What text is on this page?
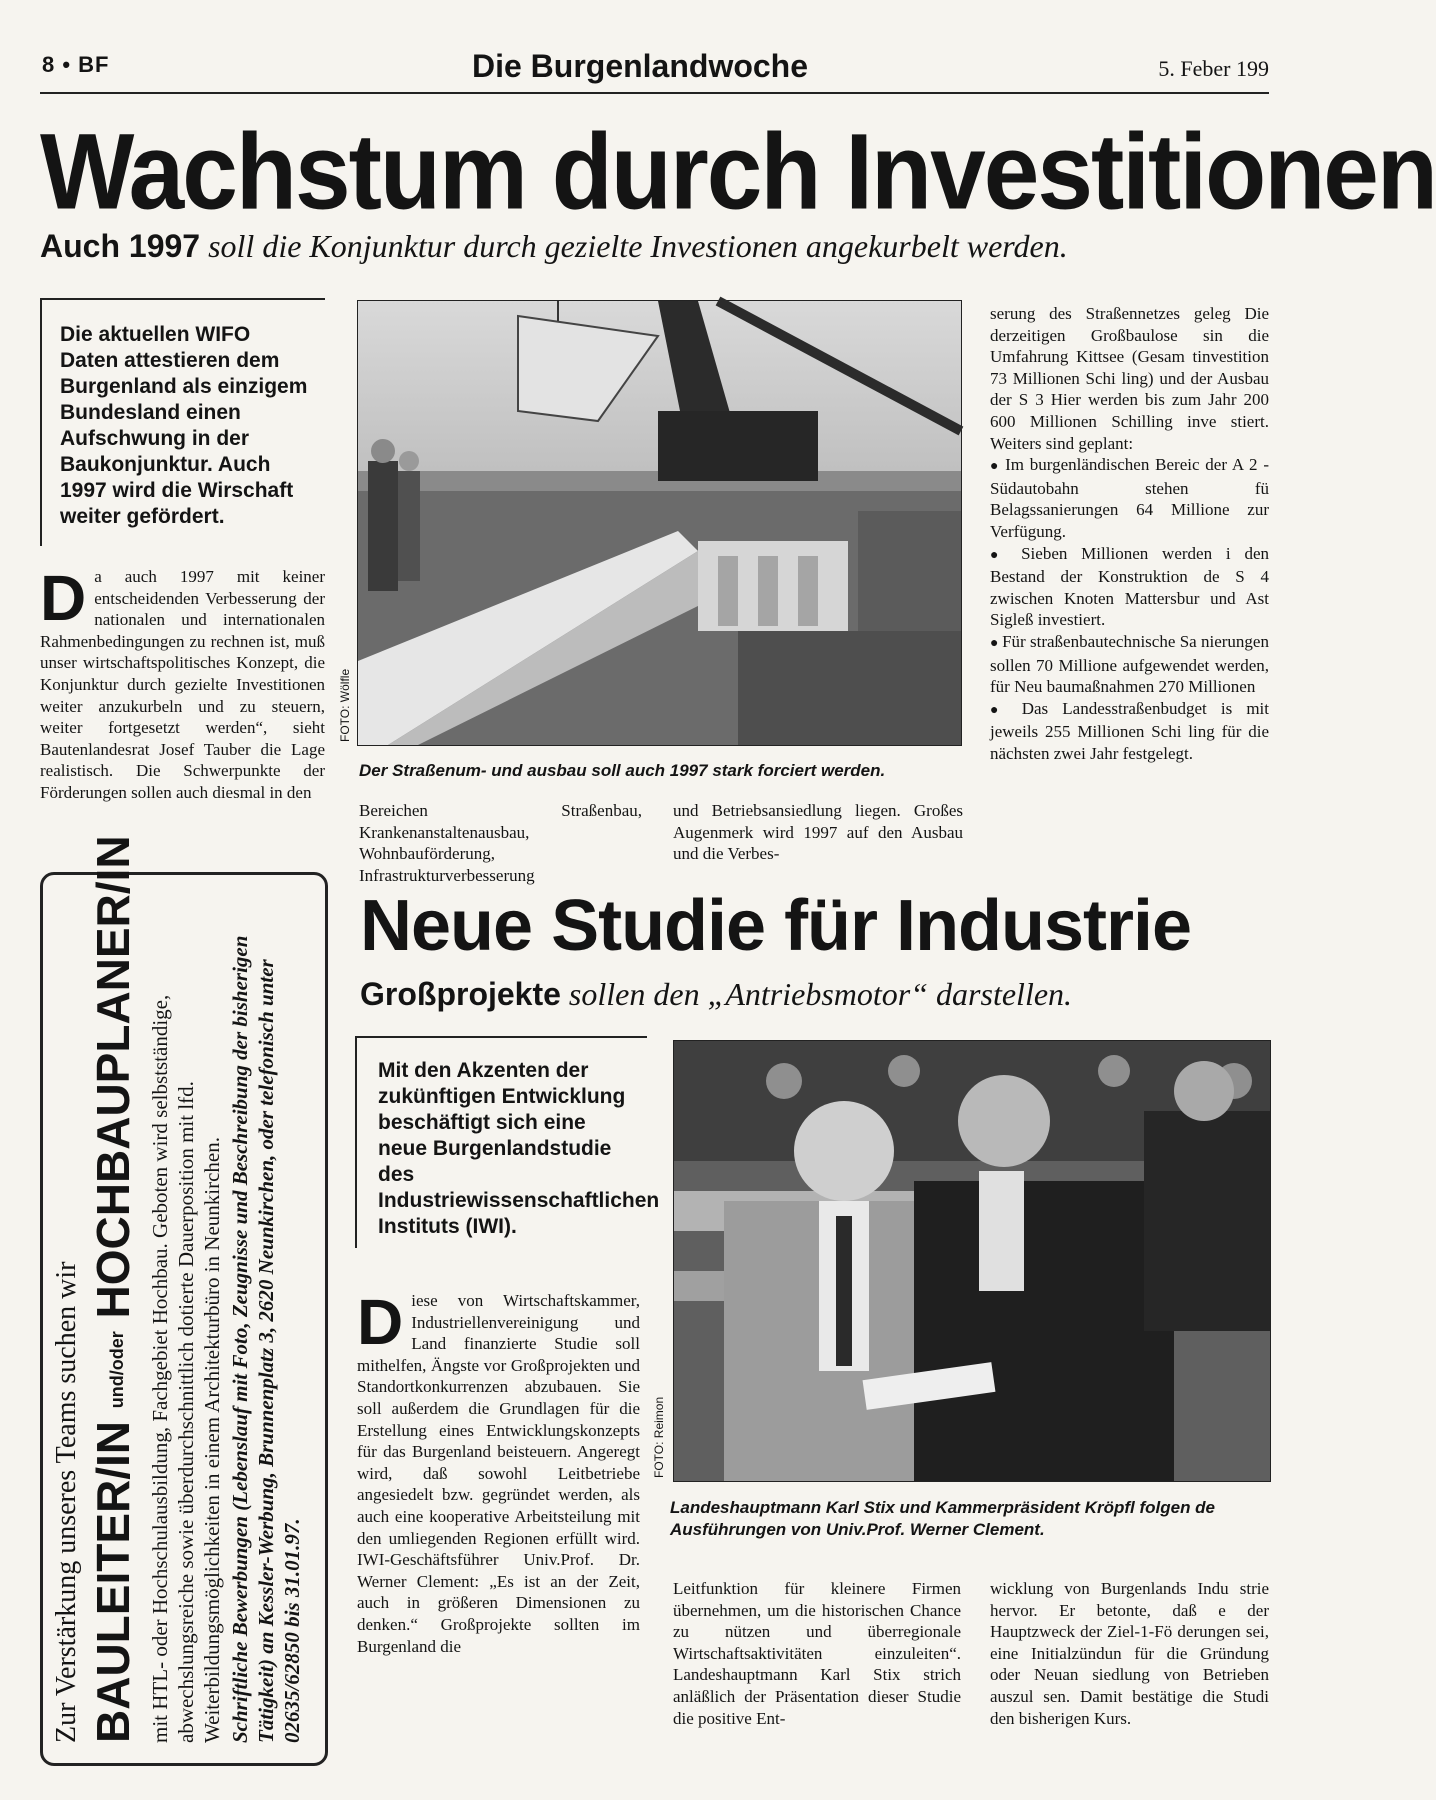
8 • BF	Die Burgenlandwoche	5. Feber 199
Wachstum durch Investitionen
Auch 1997 soll die Konjunktur durch gezielte Investionen angekurbelt werden.
Die aktuellen WIFO Daten attestieren dem Burgenland als einzigem Bundesland einen Aufschwung in der Baukonjunktur. Auch 1997 wird die Wirschaft weiter gefördert.
Da auch 1997 mit keiner entscheidenden Verbesserung der nationalen und internationalen Rahmenbedingungen zu rechnen ist, muß unser wirtschaftspolitisches Konzept, die Konjunktur durch gezielte Investitionen weiter anzukurbeln und zu steuern, weiter fortgesetzt werden“, sieht Bautenlandesrat Josef Tauber die Lage realistisch. Die Schwerpunkte der Förderungen sollen auch diesmal in den
FOTO: Wölfle
Der Straßenum- und ausbau soll auch 1997 stark forciert werden.
Bereichen Straßenbau, Krankenanstaltenausbau, Wohnbauförderung, Infrastrukturverbesserung
und Betriebsansiedlung liegen. Großes Augenmerk wird 1997 auf den Ausbau und die Verbes-
serung des Straßennetzes geleg Die derzeitigen Großbaulose sin die Umfahrung Kittsee (Gesam tinvestition 73 Millionen Schi ling) und der Ausbau der S 3 Hier werden bis zum Jahr 200 600 Millionen Schilling inve stiert. Weiters sind geplant:
● Im burgenländischen Bereic der A 2 - Südautobahn stehen fü Belagssanierungen 64 Millione zur Verfügung.
● Sieben Millionen werden i den Bestand der Konstruktion de S 4 zwischen Knoten Mattersbur und Ast Sigleß investiert.
● Für straßenbautechnische Sa nierungen sollen 70 Millione aufgewendet werden, für Neu baumaßnahmen 270 Millionen
● Das Landesstraßenbudget is mit jeweils 255 Millionen Schi ling für die nächsten zwei Jahr festgelegt.
Zur Verstärkung unseres Teams suchen wir BAULEITER/IN und/oder HOCHBAUPLANER/IN mit HTL- oder Hochschulausbildung, Fachgebiet Hochbau. Geboten wird selbstständige, abwechslungsreiche sowie überdurchschnittlich dotierte Dauerposition mit lfd. Weiterbildungsmöglichkeiten in einem Architekturbüro in Neunkirchen. Schriftliche Bewerbungen (Lebenslauf mit Foto, Zeugnisse und Beschreibung der bisherigen Tätigkeit) an Kessler-Werbung, Brunnenplatz 3, 2620 Neunkirchen, oder telefonisch unter 02635/62850 bis 31.01.97.
Neue Studie für Industrie
Großprojekte sollen den „Antriebsmotor“ darstellen.
Mit den Akzenten der zukünftigen Entwicklung beschäftigt sich eine neue Burgenlandstudie des Industriewissenschaftlichen Instituts (IWI).
FOTO: Reimon
Landeshauptmann Karl Stix und Kammerpräsident Kröpfl folgen de Ausführungen von Univ.Prof. Werner Clement.
Diese von Wirtschaftskammer, Industriellenvereinigung und Land finanzierte Studie soll mithelfen, Ängste vor Großprojekten und Standortkonkurrenzen abzubauen. Sie soll außerdem die Grundlagen für die Erstellung eines Entwicklungskonzepts für das Burgenland beisteuern. Angeregt wird, daß sowohl Leitbetriebe angesiedelt bzw. gegründet werden, als auch eine kooperative Arbeitsteilung mit den umliegenden Regionen erfüllt wird. IWI-Geschäftsführer Univ.Prof. Dr. Werner Clement: „Es ist an der Zeit, auch in größeren Dimensionen zu denken.“ Großprojekte sollten im Burgenland die
Leitfunktion für kleinere Firmen übernehmen, um die historischen Chance zu nützen und überregionale Wirtschaftsaktivitäten einzuleiten“. Landeshauptmann Karl Stix strich anläßlich der Präsentation dieser Studie die positive Ent-
wicklung von Burgenlands Indu strie hervor. Er betonte, daß e der Hauptzweck der Ziel-1-Fö derungen sei, eine Initialzündun für die Gründung oder Neuan siedlung von Betrieben auszul sen. Damit bestätige die Studi den bisherigen Kurs.
